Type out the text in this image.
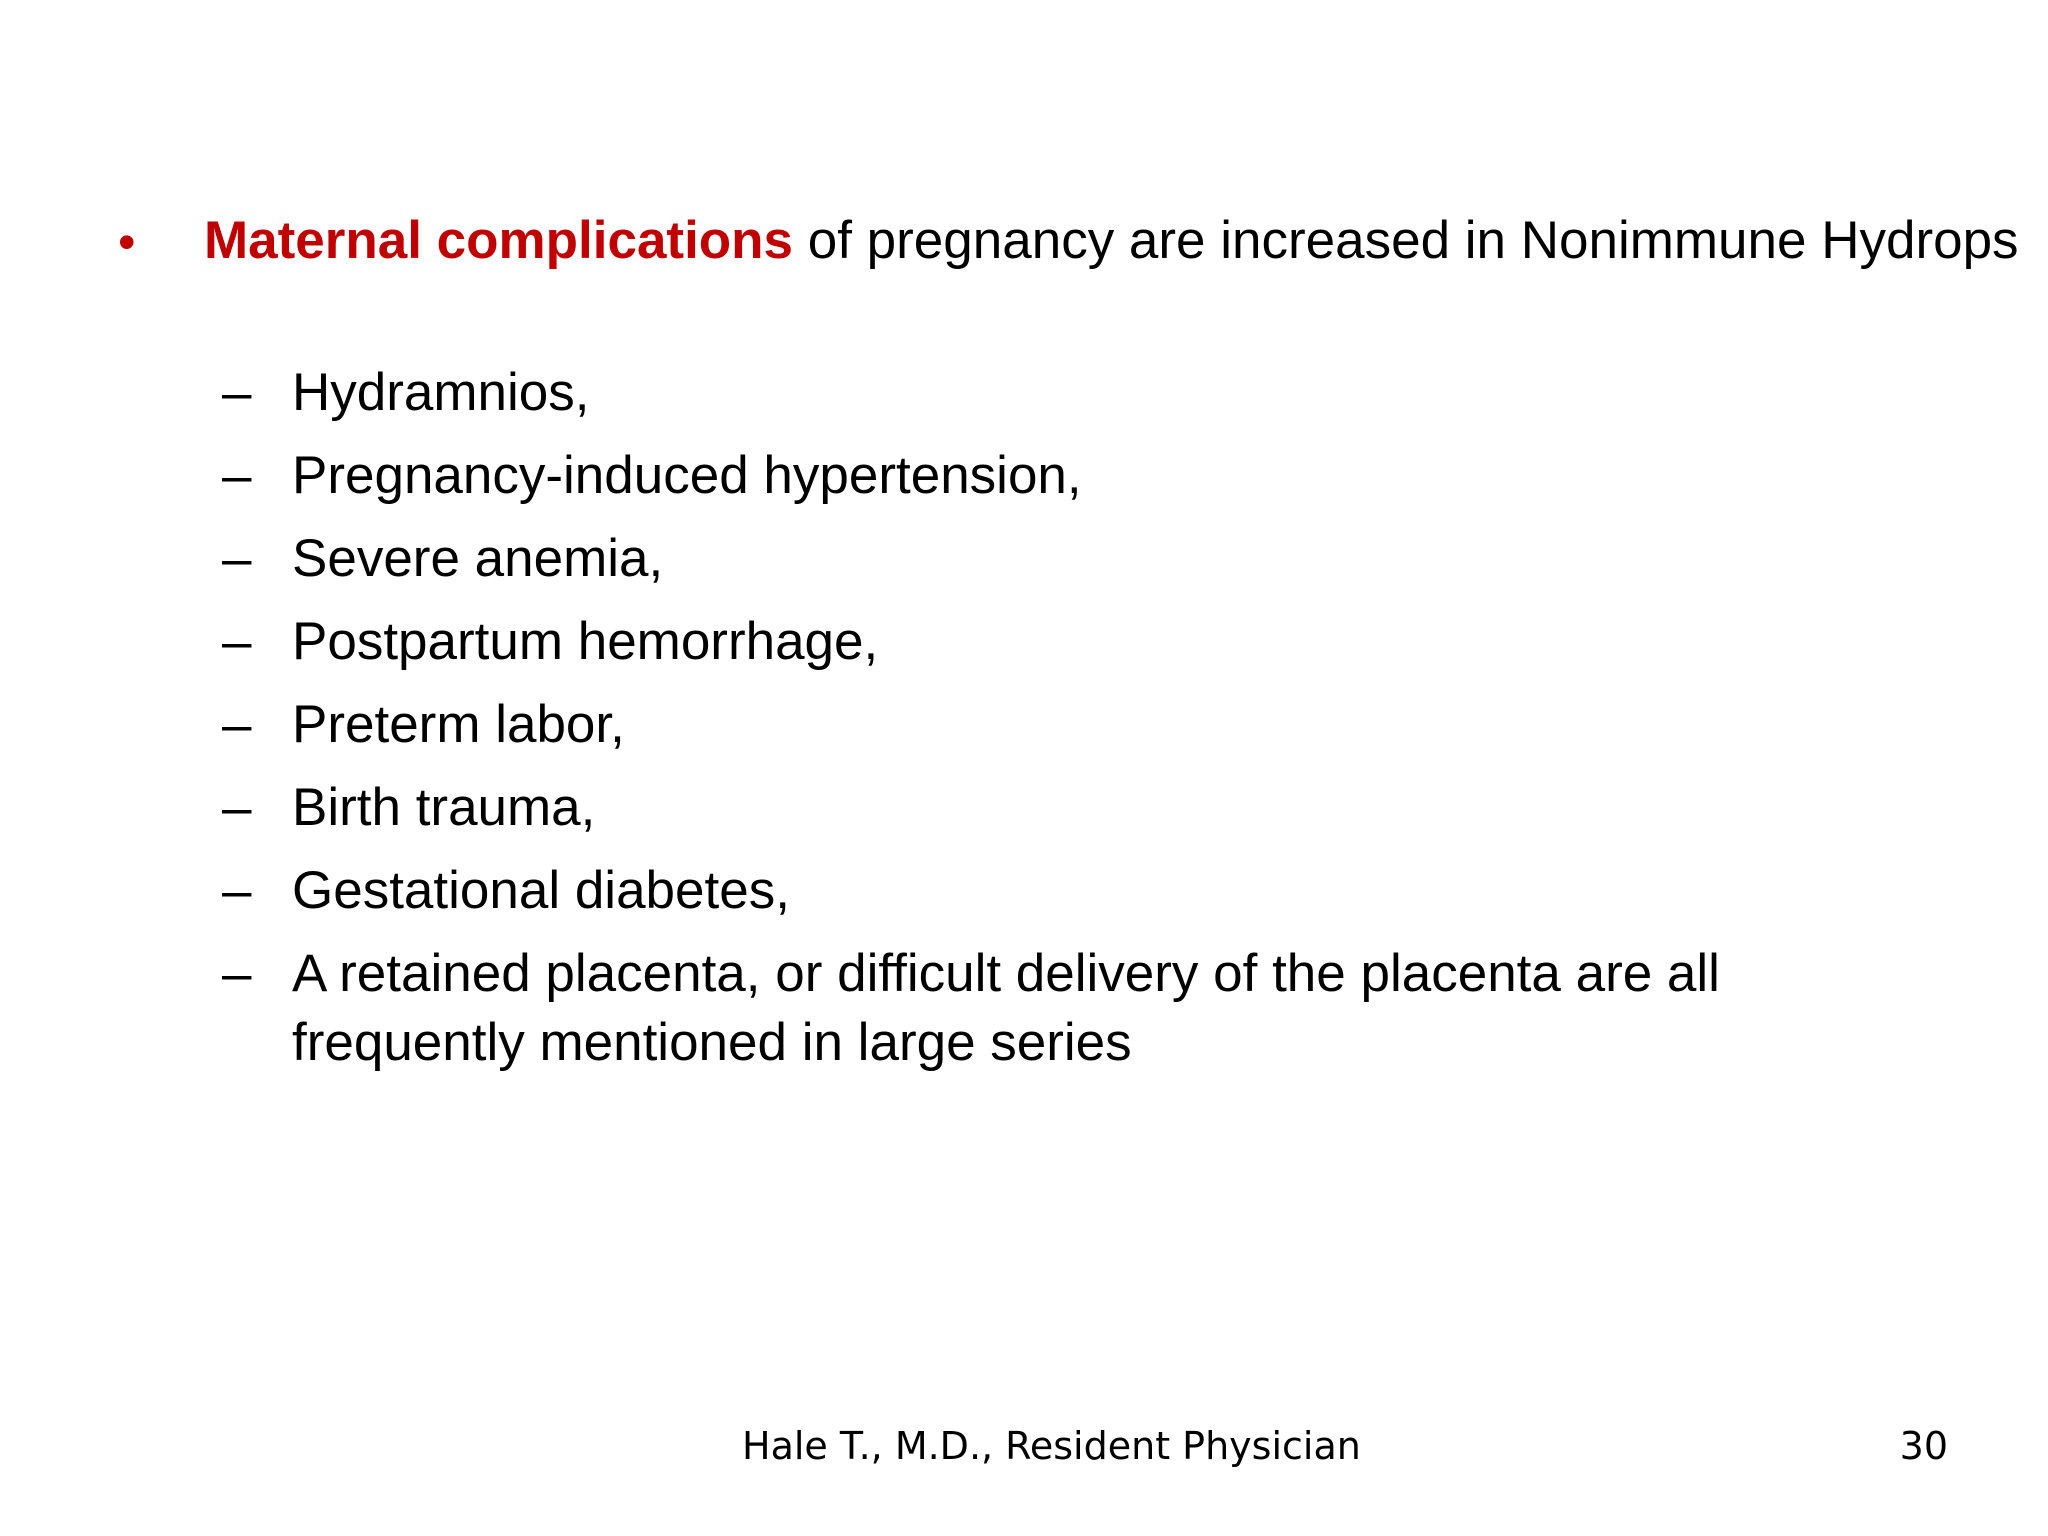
• Maternal complications of pregnancy are increased in Nonimmune Hydrops
– Hydramnios,
– Pregnancy-induced hypertension,
– Severe anemia,
– Postpartum hemorrhage,
– Preterm labor,
– Birth trauma,
– Gestational diabetes,
– A retained placenta, or difficult delivery of the placenta are all frequently mentioned in large series
Hale T., M.D., Resident Physician	30
